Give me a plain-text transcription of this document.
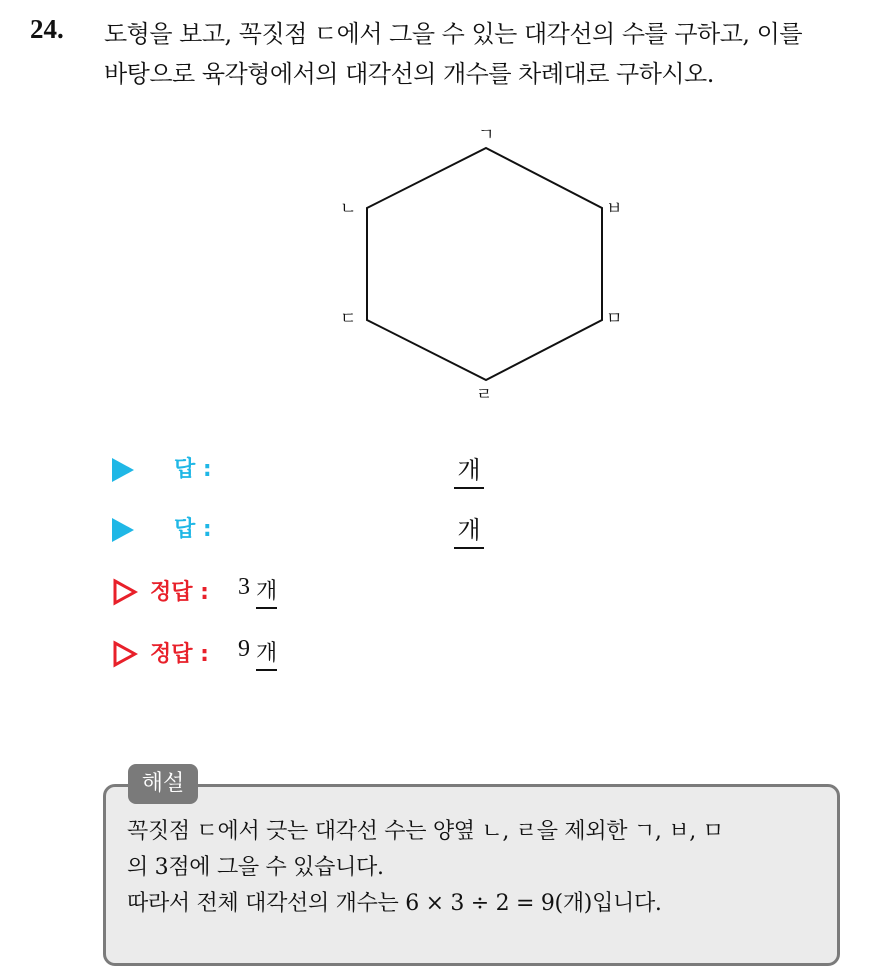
24. 도형을 보고, 꼭짓점 ㄷ에서 그을 수 있는 대각선의 수를 구하고, 이를
바탕으로 육각형에서의 대각선의 개수를 차례대로 구하시오.
ㄱ
ㄴ
ㄷ
ㄹ
ㅁ
ㅂ
답 :	개
답 :	개
정답 : 3 개
정답 : 9 개
해설
꼭짓점 ㄷ에서 긋는 대각선 수는 양옆 ㄴ, ㄹ을 제외한 ㄱ, ㅂ, ㅁ
의 3점에 그을 수 있습니다.
따라서 전체 대각선의 개수는 6 × 3 ÷ 2 = 9(개)입니다.
